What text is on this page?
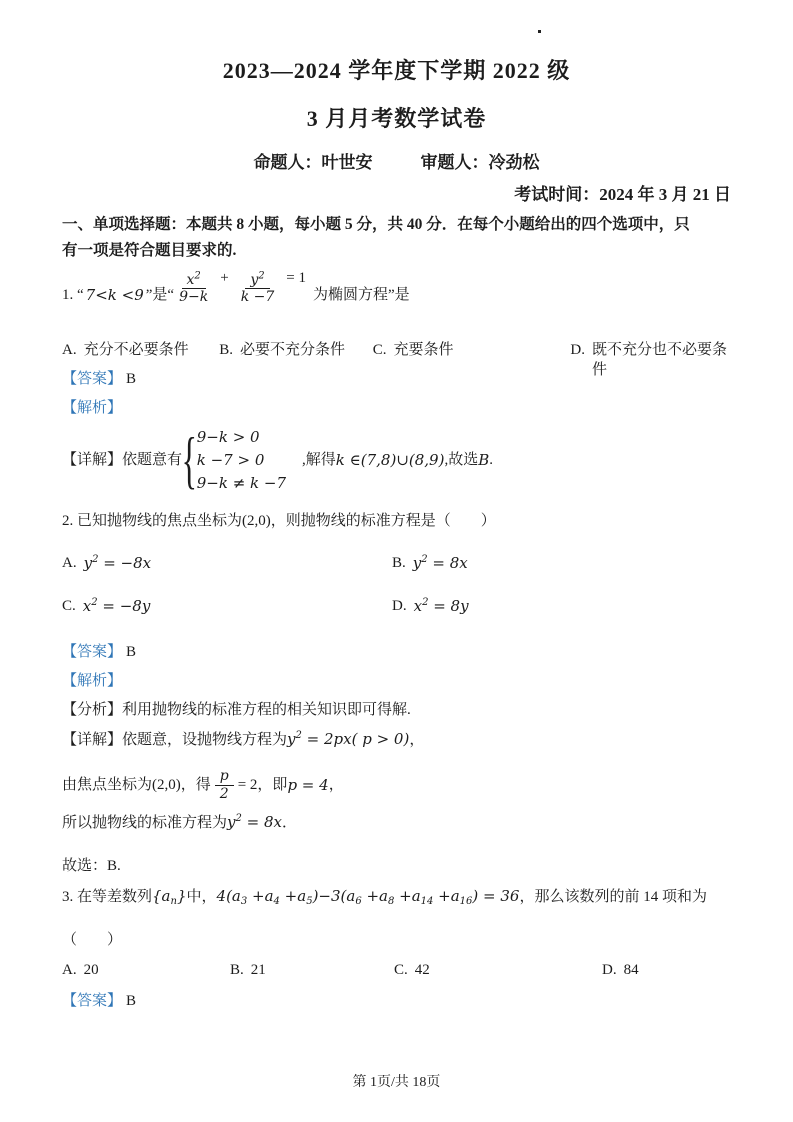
2023—2024 学年度下学期 2022 级
3 月月考数学试卷
命题人：叶世安	审题人：冷劲松
考试时间：2024 年 3 月 21 日
一、单项选择题：本题共 8 小题，每小题 5 分，共 40 分．在每个小题给出的四个选项中，只
有一项是符合题目要求的.
1. “ 7<k <9 ”是“ $\frac{x^2}{9-k} + \frac{y^2}{k -7} = 1$
为椭圆方程”是
A. 充分不必要条件 B. 必要不充分条件 C. 充要条件	D. 既不充分也不必要条件
【答案】 B
【解析】
【详解】 依题意有 { 9−k > 0
k −7 > 0
9−k ≠ k −7
,解得 k ∈(7,8)∪(8,9) ,故选 B .
2. 已知抛物线的焦点坐标为(2,0)，则抛物线的标准方程是（　　）
A. $y^2 = -8x$	B. $y^2 = 8x$
C. $x^2 = -8y$	D. $x^2 = 8y$
【答案】 B
【解析】
【分析】利用抛物线的标准方程的相关知识即可得解.
【详解】依题意，设抛物线方程为$y^2 = 2px$( p > 0)，
由焦点坐标为(2,0)，得 $\frac{p}{2} = 2$，即 p = 4 ，
所以抛物线的标准方程为$y^2 = 8x$．
故选：B.
3. 在等差数列$\{a_n\}$中，$4(a_3 +a_4 +a_5)-3(a_6 +a_8 +a_{14} +a_{16}) = 36$，那么该数列的前 14 项和为
（　　）
A. 20	B. 21	C. 42	D. 84
【答案】 B
第 1页/共 18页
